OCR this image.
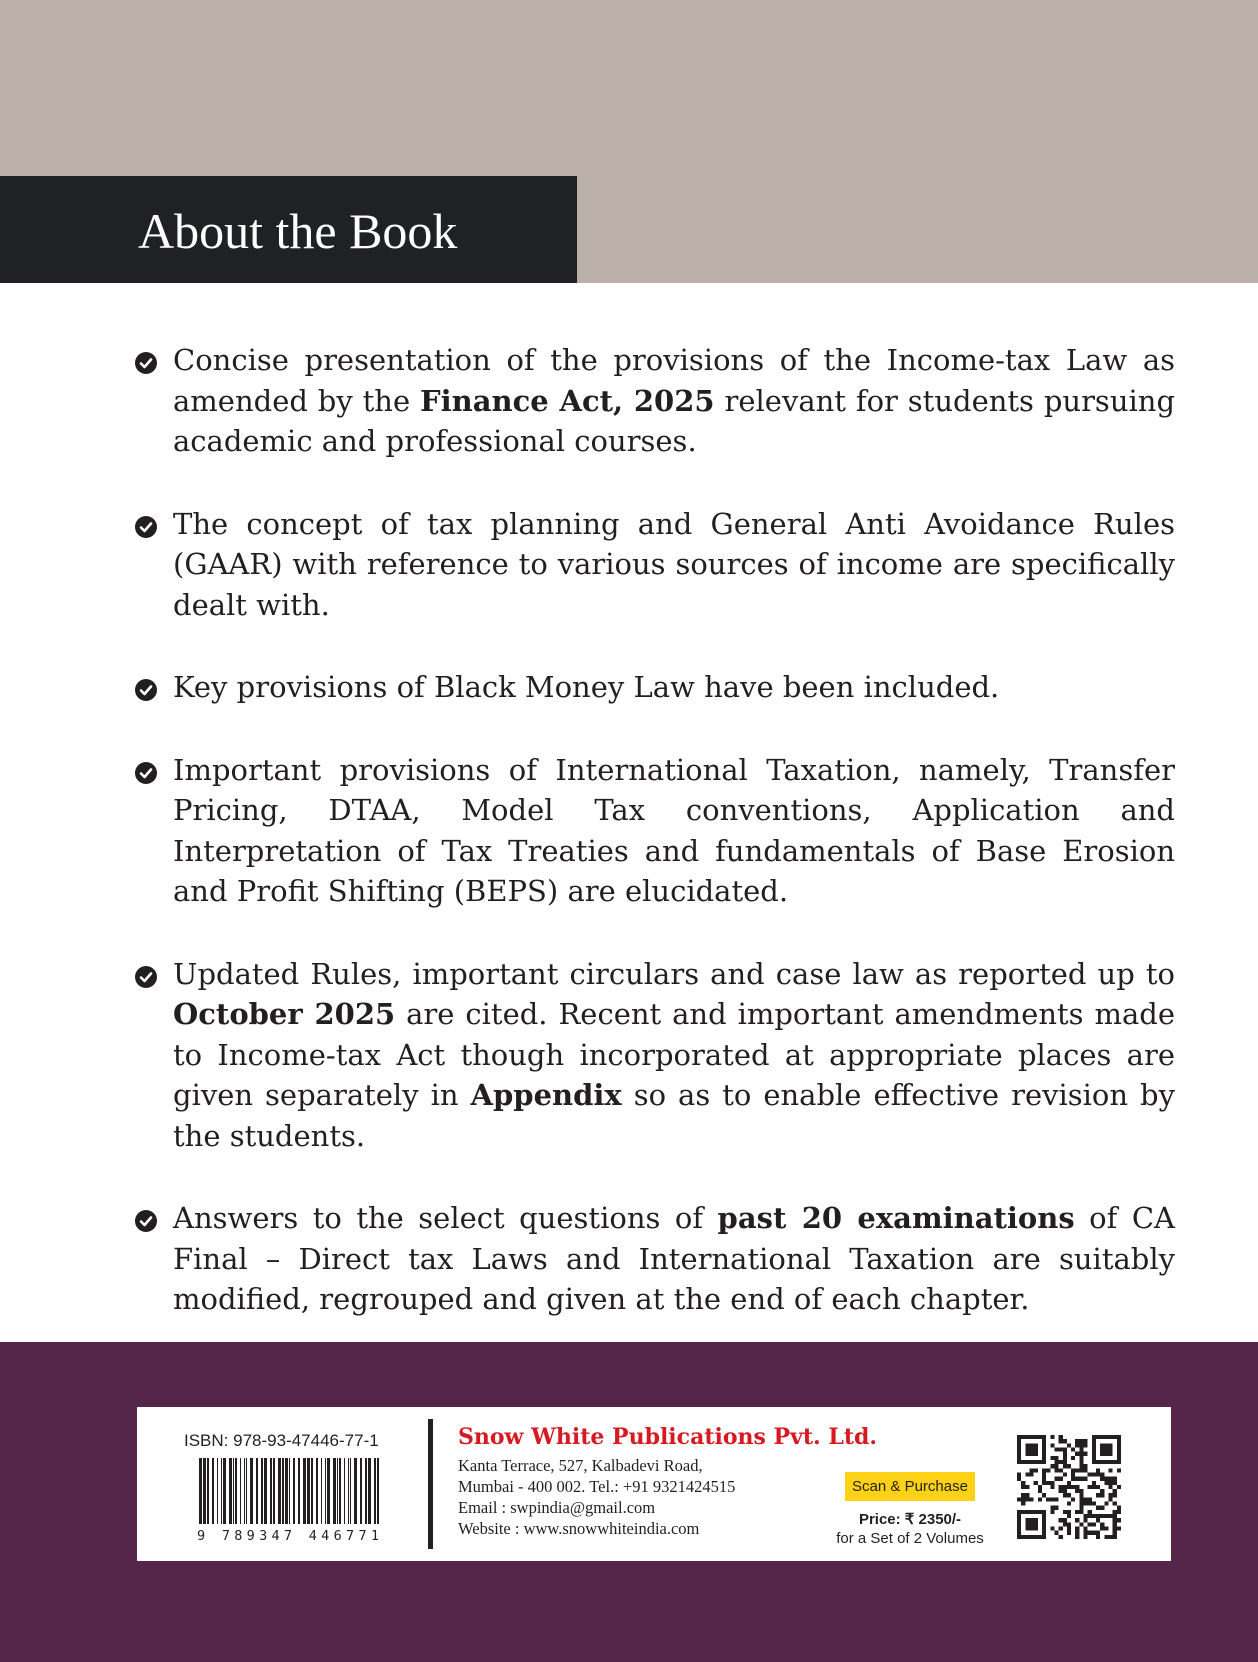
About the Book
Concise presentation of the provisions of the Income-tax Law as amended by the Finance Act, 2025 relevant for students pursuing academic and professional courses.
The concept of tax planning and General Anti Avoidance Rules (GAAR) with reference to various sources of income are specifically dealt with.
Key provisions of Black Money Law have been included.
Important provisions of International Taxation, namely, Transfer Pricing, DTAA, Model Tax conventions, Application and Interpretation of Tax Treaties and fundamentals of Base Erosion and Profit Shifting (BEPS) are elucidated.
Updated Rules, important circulars and case law as reported up to October 2025 are cited. Recent and important amendments made to Income-tax Act though incorporated at appropriate places are given separately in Appendix so as to enable effective revision by the students.
Answers to the select questions of past 20 examinations of CA Final – Direct tax Laws and International Taxation are suitably modified, regrouped and given at the end of each chapter.
ISBN: 978-93-47446-77-1
9 789347 446771
Snow White Publications Pvt. Ltd.
Kanta Terrace, 527, Kalbadevi Road,
Mumbai - 400 002. Tel.: +91 9321424515
Email : swpindia@gmail.com
Website : www.snowwhiteindia.com
Scan & Purchase
Price: ₹ 2350/-
for a Set of 2 Volumes
